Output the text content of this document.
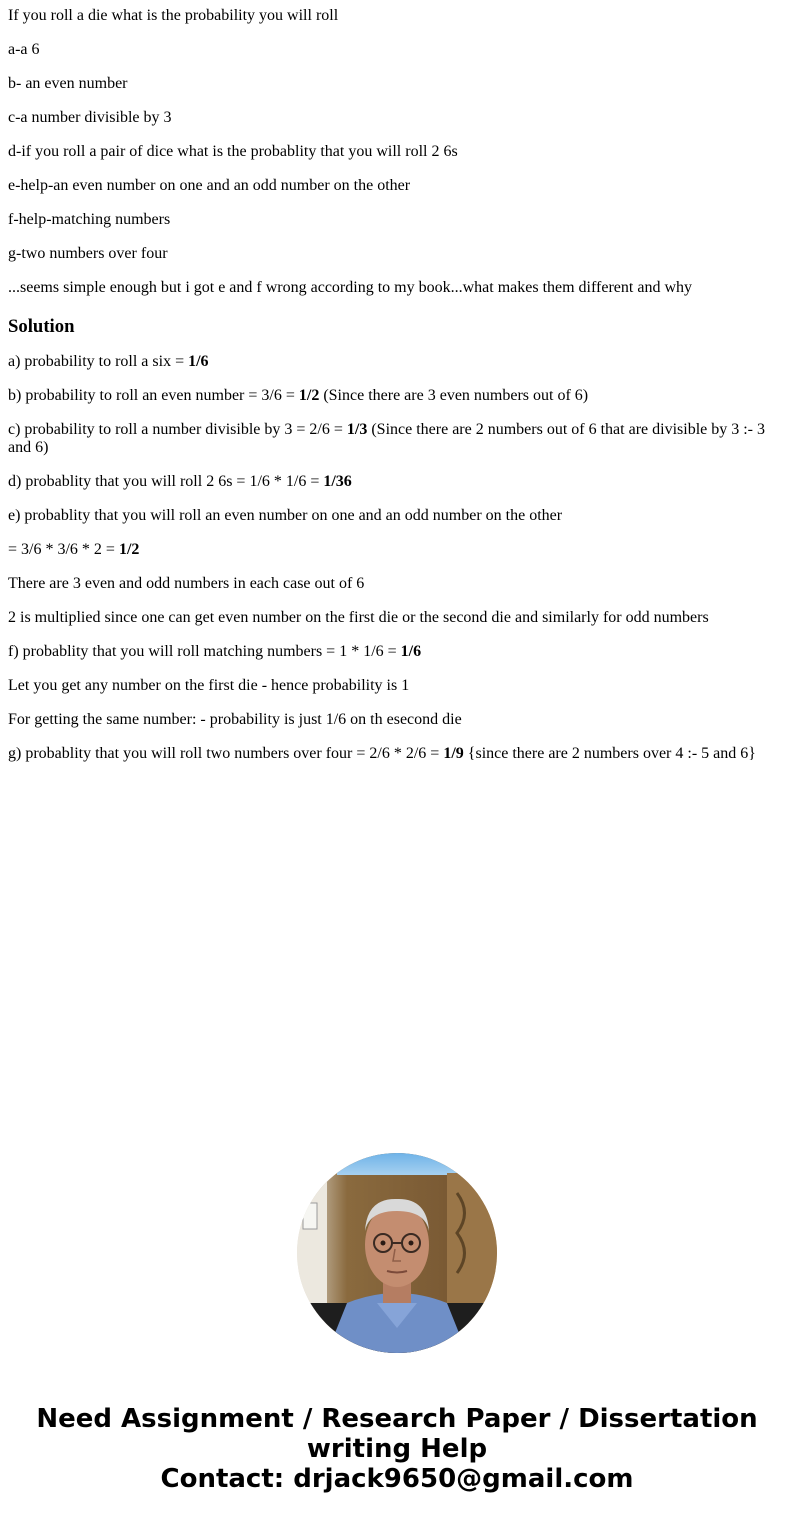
If you roll a die what is the probability you will roll

a-a 6

b- an even number

c-a number divisible by 3

d-if you roll a pair of dice what is the probablity that you will roll 2 6s

e-help-an even number on one and an odd number on the other

f-help-matching numbers

g-two numbers over four

...seems simple enough but i got e and f wrong according to my book...what makes them different and why

Solution

a) probability to roll a six = 1/6

b) probability to roll an even number = 3/6 = 1/2 (Since there are 3 even numbers out of 6)

c) probability to roll a number divisible by 3 = 2/6 = 1/3 (Since there are 2 numbers out of 6 that are divisible by 3 :- 3 and 6)

d) probablity that you will roll 2 6s = 1/6 * 1/6 = 1/36

e) probablity that you will roll an even number on one and an odd number on the other

= 3/6 * 3/6 * 2 = 1/2

There are 3 even and odd numbers in each case out of 6

2 is multiplied since one can get even number on the first die or the second die and similarly for odd numbers

f) probablity that you will roll matching numbers = 1 * 1/6 = 1/6

Let you get any number on the first die - hence probability is 1

For getting the same number: - probability is just 1/6 on th esecond die

g) probablity that you will roll two numbers over four = 2/6 * 2/6 = 1/9 {since there are 2 numbers over 4 :- 5 and 6}

Need Assignment / Research Paper / Dissertation
writing Help
Contact: drjack9650@gmail.com
